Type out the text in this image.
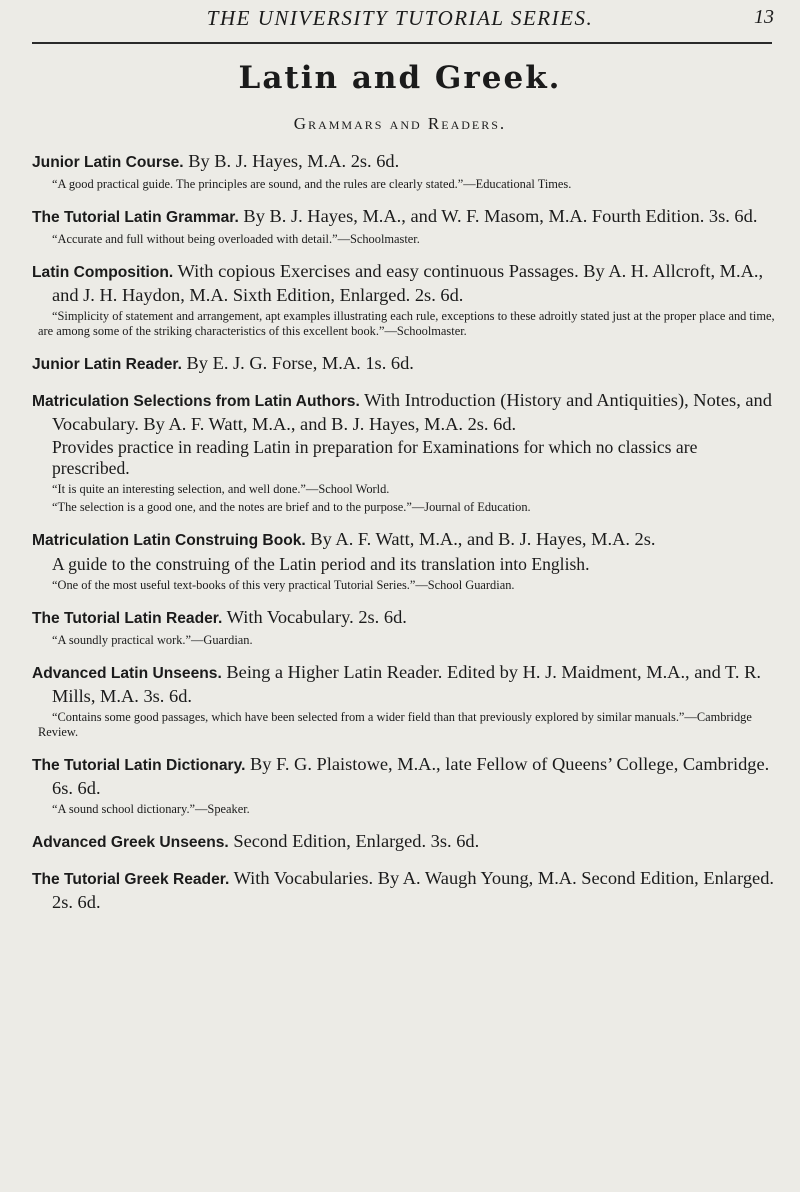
THE UNIVERSITY TUTORIAL SERIES.	13
Latin and Greek.
Grammars and Readers.
Junior Latin Course. By B. J. Hayes, M.A. 2s. 6d.
“A good practical guide. The principles are sound, and the rules are clearly stated.”—Educational Times.
The Tutorial Latin Grammar. By B. J. Hayes, M.A., and W. F. Masom, M.A. Fourth Edition. 3s. 6d.
“Accurate and full without being overloaded with detail.”—Schoolmaster.
Latin Composition. With copious Exercises and easy continuous Passages. By A. H. Allcroft, M.A., and J. H. Haydon, M.A. Sixth Edition, Enlarged. 2s. 6d.
“Simplicity of statement and arrangement, apt examples illustrating each rule, exceptions to these adroitly stated just at the proper place and time, are among some of the striking characteristics of this excellent book.”—Schoolmaster.
Junior Latin Reader. By E. J. G. Forse, M.A. 1s. 6d.
Matriculation Selections from Latin Authors. With Introduction (History and Antiquities), Notes, and Vocabulary. By A. F. Watt, M.A., and B. J. Hayes, M.A. 2s. 6d.
Provides practice in reading Latin in preparation for Examinations for which no classics are prescribed.
“It is quite an interesting selection, and well done.”—School World.
“The selection is a good one, and the notes are brief and to the purpose.”—Journal of Education.
Matriculation Latin Construing Book. By A. F. Watt, M.A., and B. J. Hayes, M.A. 2s.
A guide to the construing of the Latin period and its translation into English.
“One of the most useful text-books of this very practical Tutorial Series.”—School Guardian.
The Tutorial Latin Reader. With Vocabulary. 2s. 6d.
“A soundly practical work.”—Guardian.
Advanced Latin Unseens. Being a Higher Latin Reader. Edited by H. J. Maidment, M.A., and T. R. Mills, M.A. 3s. 6d.
“Contains some good passages, which have been selected from a wider field than that previously explored by similar manuals.”—Cambridge Review.
The Tutorial Latin Dictionary. By F. G. Plaistowe, M.A., late Fellow of Queens’ College, Cambridge. 6s. 6d.
“A sound school dictionary.”—Speaker.
Advanced Greek Unseens. Second Edition, Enlarged. 3s. 6d.
The Tutorial Greek Reader. With Vocabularies. By A. Waugh Young, M.A. Second Edition, Enlarged. 2s. 6d.
